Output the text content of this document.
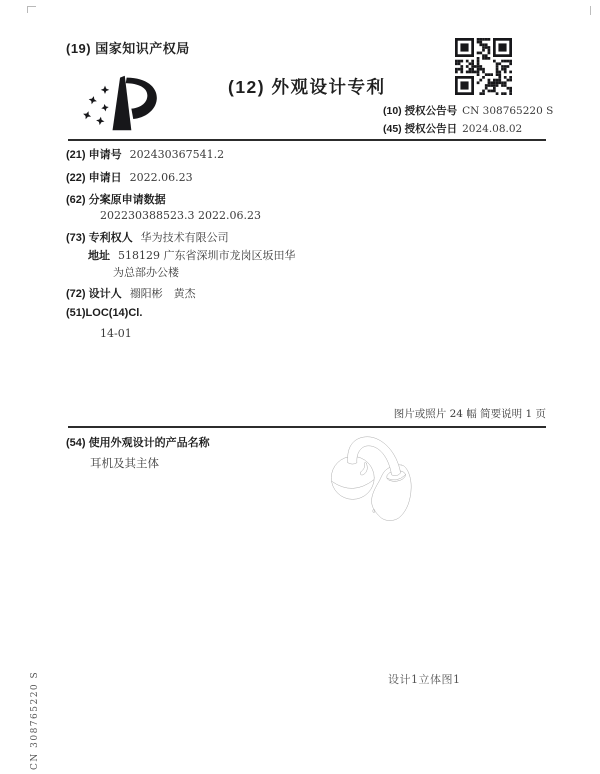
(19) 国家知识产权局
(12) 外观设计专利
(10) 授权公告号 CN 308765220 S
(45) 授权公告日 2024.08.02
(21) 申请号 202430367541.2
(22) 申请日 2022.06.23
(62) 分案原申请数据
202230388523.3 2022.06.23
(73) 专利权人 华为技术有限公司
地址 518129 广东省深圳市龙岗区坂田华
为总部办公楼
(72) 设计人 禤阳彬　黄杰
(51)LOC(14)Cl.
14-01
图片或照片 24 幅 简要说明 1 页
(54) 使用外观设计的产品名称
耳机及其主体
设计1立体图1
CN 308765220 S
